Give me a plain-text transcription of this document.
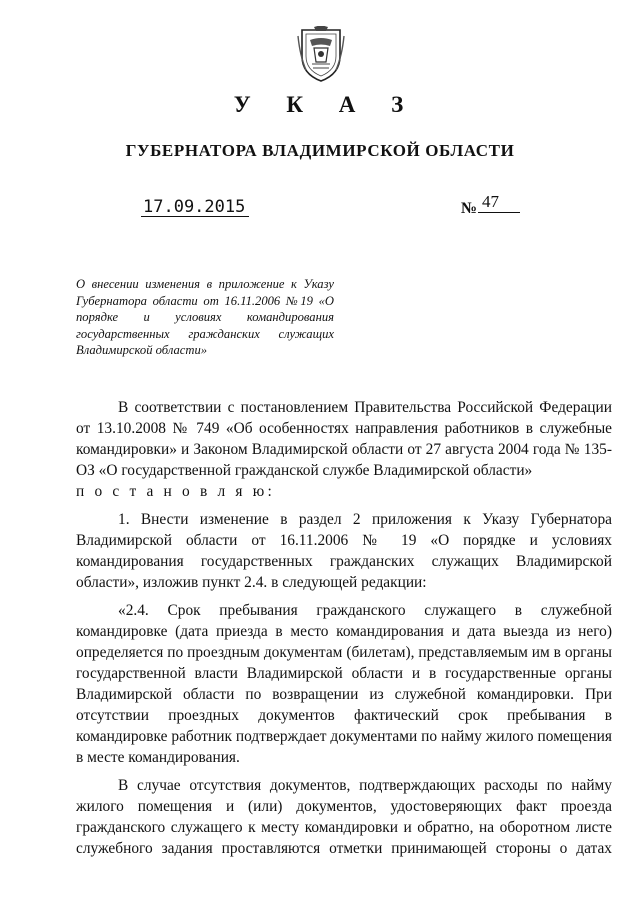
У К А З
ГУБЕРНАТОРА ВЛАДИМИРСКОЙ ОБЛАСТИ
17.09.2015	№ 47
О внесении изменения в приложение к Указу Губернатора области от 16.11.2006 №19 «О порядке и условиях командирования государственных гражданских служащих Владимирской области»
В соответствии с постановлением Правительства Российской Федерации от 13.10.2008 № 749 «Об особенностях направления работников в служебные командировки» и Законом Владимирской области от 27 августа 2004 года № 135-ОЗ «О государственной гражданской службе Владимирской области»
п о с т а н о в л я ю:
1. Внести изменение в раздел 2 приложения к Указу Губернатора Владимирской области от 16.11.2006 № 19 «О порядке и условиях командирования государственных гражданских служащих Владимирской области», изложив пункт 2.4. в следующей редакции:
«2.4. Срок пребывания гражданского служащего в служебной командировке (дата приезда в место командирования и дата выезда из него) определяется по проездным документам (билетам), представляемым им в органы государственной власти Владимирской области и в государственные органы Владимирской области по возвращении из служебной командировки. При отсутствии проездных документов фактический срок пребывания в командировке работник подтверждает документами по найму жилого помещения в месте командирования.
В случае отсутствия документов, подтверждающих расходы по найму жилого помещения и (или) документов, удостоверяющих факт проезда гражданского служащего к месту командировки и обратно, на оборотном листе служебного задания проставляются отметки принимающей стороны о датах
